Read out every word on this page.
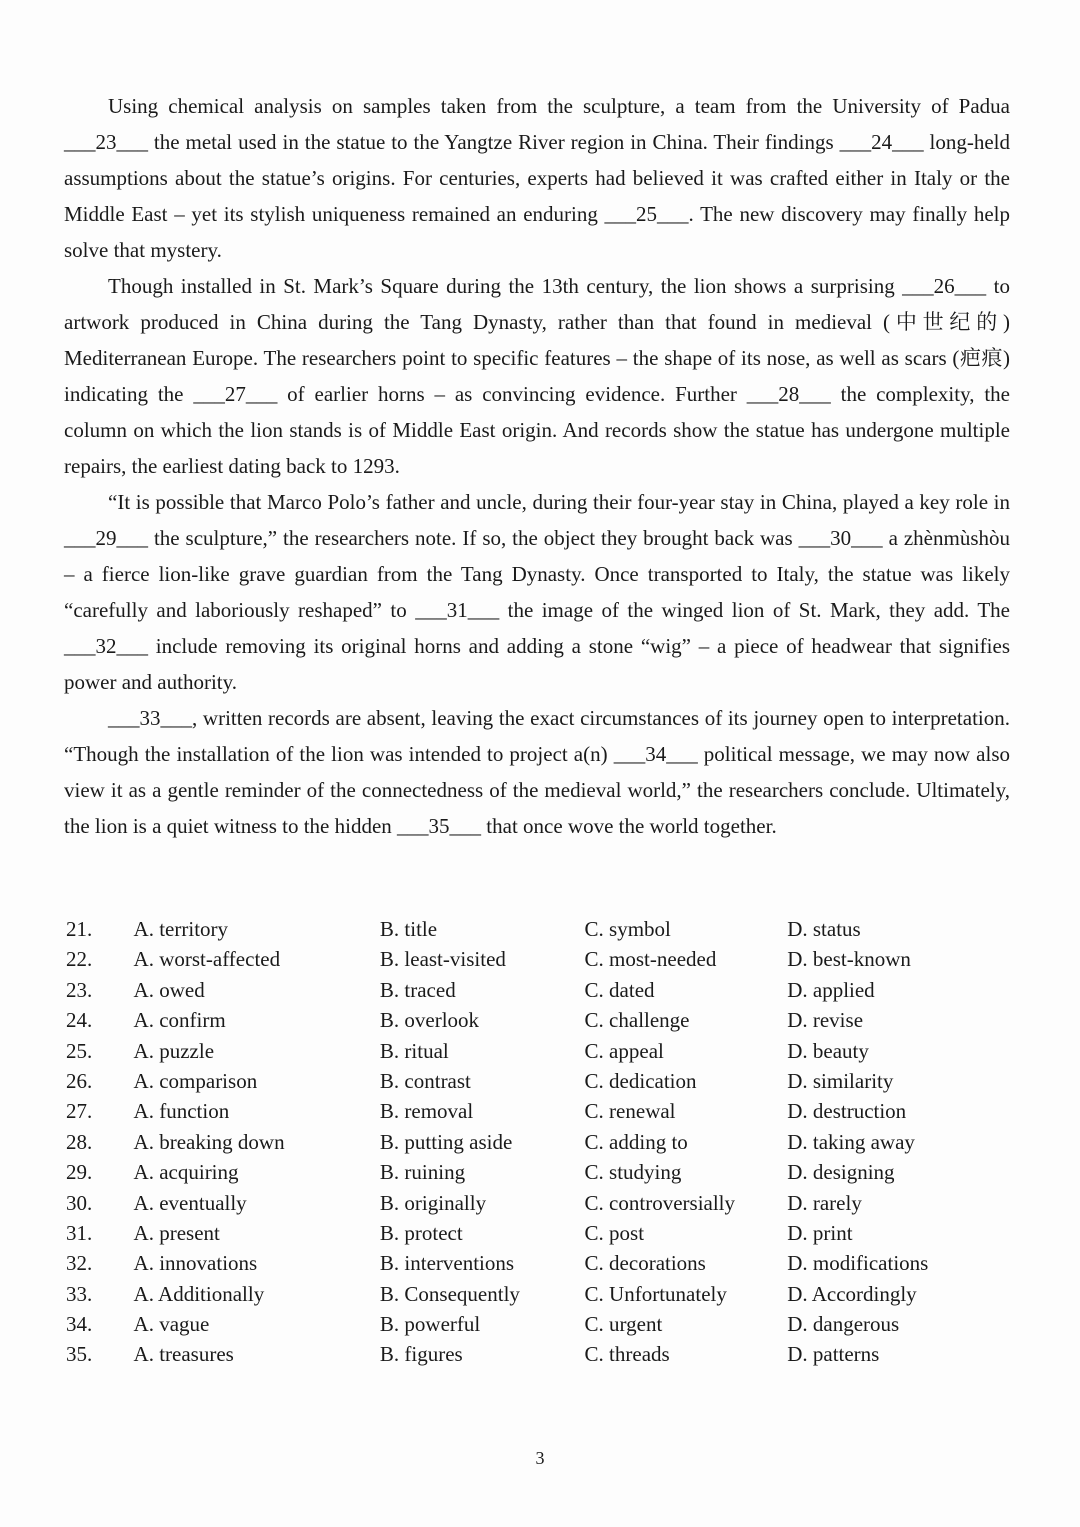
Using chemical analysis on samples taken from the sculpture, a team from the University of Padua ___23___ the metal used in the statue to the Yangtze River region in China. Their findings ___24___ long-held assumptions about the statue’s origins. For centuries, experts had believed it was crafted either in Italy or the Middle East – yet its stylish uniqueness remained an enduring ___25___. The new discovery may finally help solve that mystery.

Though installed in St. Mark’s Square during the 13th century, the lion shows a surprising ___26___ to artwork produced in China during the Tang Dynasty, rather than that found in medieval (中世纪的) Mediterranean Europe. The researchers point to specific features – the shape of its nose, as well as scars (疤痕) indicating the ___27___ of earlier horns – as convincing evidence. Further ___28___ the complexity, the column on which the lion stands is of Middle East origin. And records show the statue has undergone multiple repairs, the earliest dating back to 1293.

“It is possible that Marco Polo’s father and uncle, during their four-year stay in China, played a key role in ___29___ the sculpture,” the researchers note. If so, the object they brought back was ___30___ a zhènmùshòu – a fierce lion-like grave guardian from the Tang Dynasty. Once transported to Italy, the statue was likely “carefully and laboriously reshaped” to ___31___ the image of the winged lion of St. Mark, they add. The ___32___ include removing its original horns and adding a stone “wig” – a piece of headwear that signifies power and authority.

___33___, written records are absent, leaving the exact circumstances of its journey open to interpretation. “Though the installation of the lion was intended to project a(n) ___34___ political message, we may now also view it as a gentle reminder of the connectedness of the medieval world,” the researchers conclude. Ultimately, the lion is a quiet witness to the hidden ___35___ that once wove the world together.

21.	A. territory	B. title	C. symbol	D. status
22.	A. worst-affected	B. least-visited	C. most-needed	D. best-known
23.	A. owed	B. traced	C. dated	D. applied
24.	A. confirm	B. overlook	C. challenge	D. revise
25.	A. puzzle	B. ritual	C. appeal	D. beauty
26.	A. comparison	B. contrast	C. dedication	D. similarity
27.	A. function	B. removal	C. renewal	D. destruction
28.	A. breaking down	B. putting aside	C. adding to	D. taking away
29.	A. acquiring	B. ruining	C. studying	D. designing
30.	A. eventually	B. originally	C. controversially	D. rarely
31.	A. present	B. protect	C. post	D. print
32.	A. innovations	B. interventions	C. decorations	D. modifications
33.	A. Additionally	B. Consequently	C. Unfortunately	D. Accordingly
34.	A. vague	B. powerful	C. urgent	D. dangerous
35.	A. treasures	B. figures	C. threads	D. patterns
3
